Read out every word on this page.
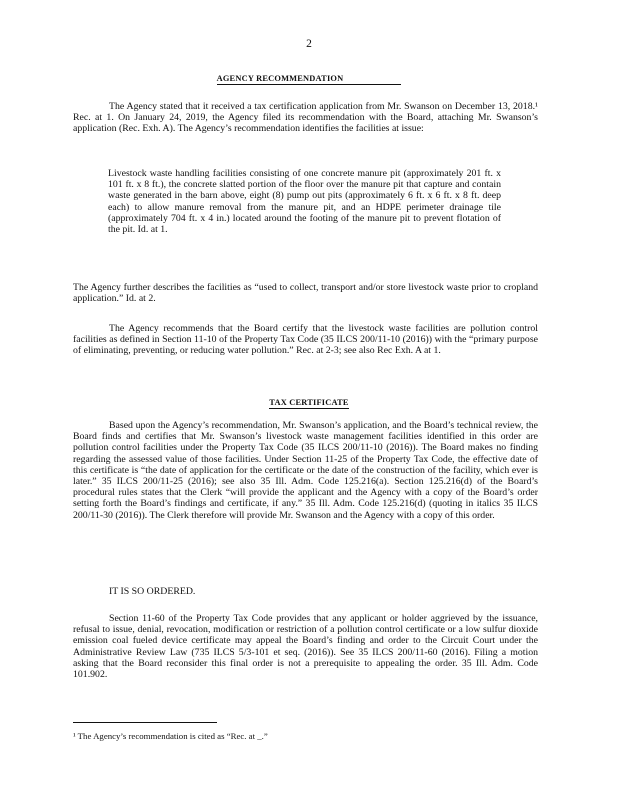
2
AGENCY RECOMMENDATION

The Agency stated that it received a tax certification application from Mr. Swanson on December 13, 2018.¹ Rec. at 1. On January 24, 2019, the Agency filed its recommendation with the Board, attaching Mr. Swanson’s application (Rec. Exh. A). The Agency’s recommendation identifies the facilities at issue:

Livestock waste handling facilities consisting of one concrete manure pit (approximately 201 ft. x 101 ft. x 8 ft.), the concrete slatted portion of the floor over the manure pit that capture and contain waste generated in the barn above, eight (8) pump out pits (approximately 6 ft. x 6 ft. x 8 ft. deep each) to allow manure removal from the manure pit, and an HDPE perimeter drainage tile (approximately 704 ft. x 4 in.) located around the footing of the manure pit to prevent flotation of the pit. Id. at 1.

The Agency further describes the facilities as “used to collect, transport and/or store livestock waste prior to cropland application.” Id. at 2.

The Agency recommends that the Board certify that the livestock waste facilities are pollution control facilities as defined in Section 11-10 of the Property Tax Code (35 ILCS 200/11-10 (2016)) with the “primary purpose of eliminating, preventing, or reducing water pollution.” Rec. at 2-3; see also Rec Exh. A at 1.

TAX CERTIFICATE

Based upon the Agency’s recommendation, Mr. Swanson’s application, and the Board’s technical review, the Board finds and certifies that Mr. Swanson’s livestock waste management facilities identified in this order are pollution control facilities under the Property Tax Code (35 ILCS 200/11-10 (2016)). The Board makes no finding regarding the assessed value of those facilities. Under Section 11-25 of the Property Tax Code, the effective date of this certificate is “the date of application for the certificate or the date of the construction of the facility, which ever is later.” 35 ILCS 200/11-25 (2016); see also 35 Ill. Adm. Code 125.216(a). Section 125.216(d) of the Board’s procedural rules states that the Clerk “will provide the applicant and the Agency with a copy of the Board’s order setting forth the Board’s findings and certificate, if any.” 35 Ill. Adm. Code 125.216(d) (quoting in italics 35 ILCS 200/11-30 (2016)). The Clerk therefore will provide Mr. Swanson and the Agency with a copy of this order.

IT IS SO ORDERED.

Section 11-60 of the Property Tax Code provides that any applicant or holder aggrieved by the issuance, refusal to issue, denial, revocation, modification or restriction of a pollution control certificate or a low sulfur dioxide emission coal fueled device certificate may appeal the Board’s finding and order to the Circuit Court under the Administrative Review Law (735 ILCS 5/3-101 et seq. (2016)). See 35 ILCS 200/11-60 (2016). Filing a motion asking that the Board reconsider this final order is not a prerequisite to appealing the order. 35 Ill. Adm. Code 101.902.

¹ The Agency’s recommendation is cited as “Rec. at _.”
